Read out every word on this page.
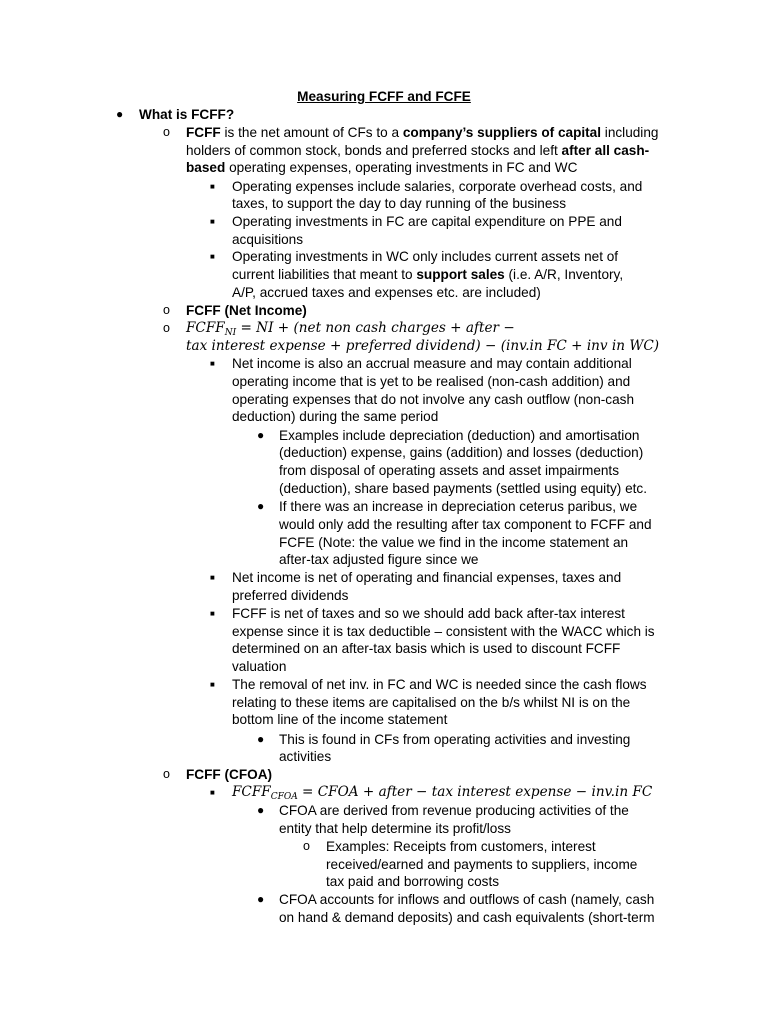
Measuring FCFF and FCFE
● What is FCFF?
o FCFF is the net amount of CFs to a company’s suppliers of capital including
holders of common stock, bonds and preferred stocks and left after all cash-
based operating expenses, operating investments in FC and WC
■ Operating expenses include salaries, corporate overhead costs, and
taxes, to support the day to day running of the business
■ Operating investments in FC are capital expenditure on PPE and
acquisitions
■ Operating investments in WC only includes current assets net of
current liabilities that meant to support sales (i.e. A/R, Inventory,
A/P, accrued taxes and expenses etc. are included)
o FCFF (Net Income)
o $FCFF_{NI}$ = NI + (net non cash charges + after −
tax interest expense + preferred dividend) − (inv.in FC + inv in WC)
■ Net income is also an accrual measure and may contain additional
operating income that is yet to be realised (non-cash addition) and
operating expenses that do not involve any cash outflow (non-cash
deduction) during the same period
● Examples include depreciation (deduction) and amortisation
(deduction) expense, gains (addition) and losses (deduction)
from disposal of operating assets and asset impairments
(deduction), share based payments (settled using equity) etc.
● If there was an increase in depreciation ceterus paribus, we
would only add the resulting after tax component to FCFF and
FCFE (Note: the value we find in the income statement an
after-tax adjusted figure since we
■ Net income is net of operating and financial expenses, taxes and
preferred dividends
■ FCFF is net of taxes and so we should add back after-tax interest
expense since it is tax deductible – consistent with the WACC which is
determined on an after-tax basis which is used to discount FCFF
valuation
■ The removal of net inv. in FC and WC is needed since the cash flows
relating to these items are capitalised on the b/s whilst NI is on the
bottom line of the income statement
● This is found in CFs from operating activities and investing
activities
o FCFF (CFOA)
■ $FCFF_{CFOA}$ = CFOA + after − tax interest expense − inv.in FC
● CFOA are derived from revenue producing activities of the
entity that help determine its profit/loss
o Examples: Receipts from customers, interest
received/earned and payments to suppliers, income
tax paid and borrowing costs
● CFOA accounts for inflows and outflows of cash (namely, cash
on hand & demand deposits) and cash equivalents (short-term
